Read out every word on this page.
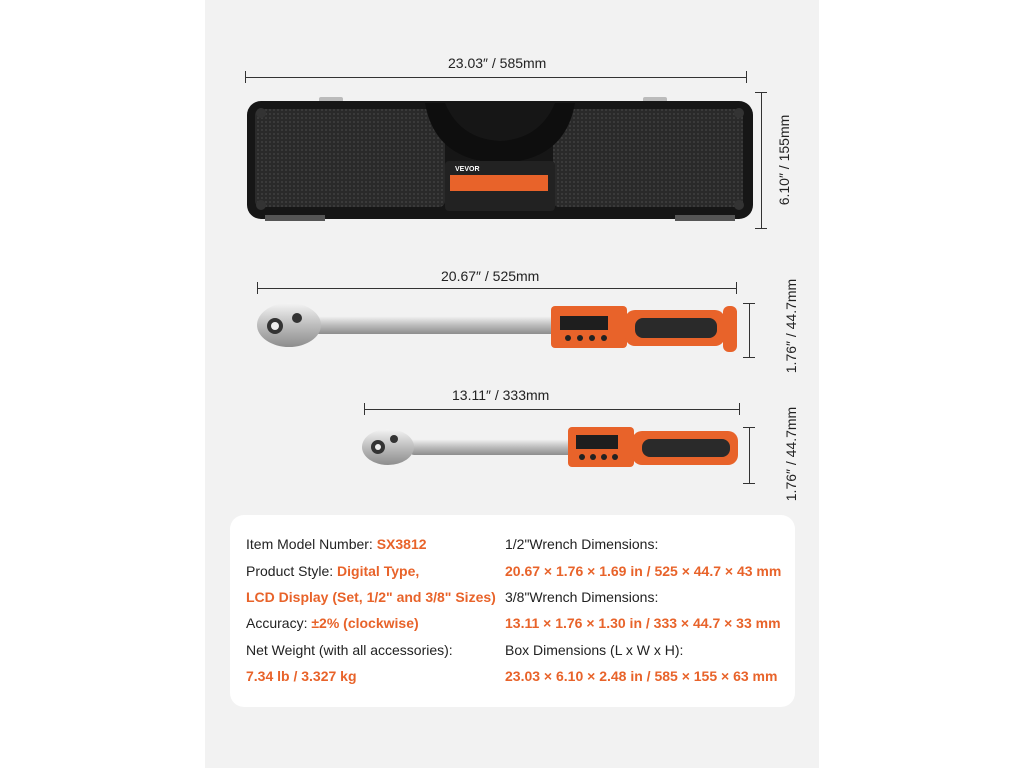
23.03″ / 585mm
6.10″ / 155mm
VEVOR
20.67″ / 525mm
1.76″ / 44.7mm
13.11″ / 333mm
1.76″ / 44.7mm
Item Model Number: SX3812
Product Style: Digital Type,
LCD Display (Set, 1/2" and 3/8" Sizes)
Accuracy: ±2% (clockwise)
Net Weight (with all accessories):
7.34 lb / 3.327 kg
1/2"Wrench Dimensions:
20.67 × 1.76 × 1.69 in / 525 × 44.7 × 43 mm
3/8"Wrench Dimensions:
13.11 × 1.76 × 1.30 in / 333 × 44.7 × 33 mm
Box Dimensions (L x W x H):
23.03 × 6.10 × 2.48 in / 585 × 155 × 63 mm
